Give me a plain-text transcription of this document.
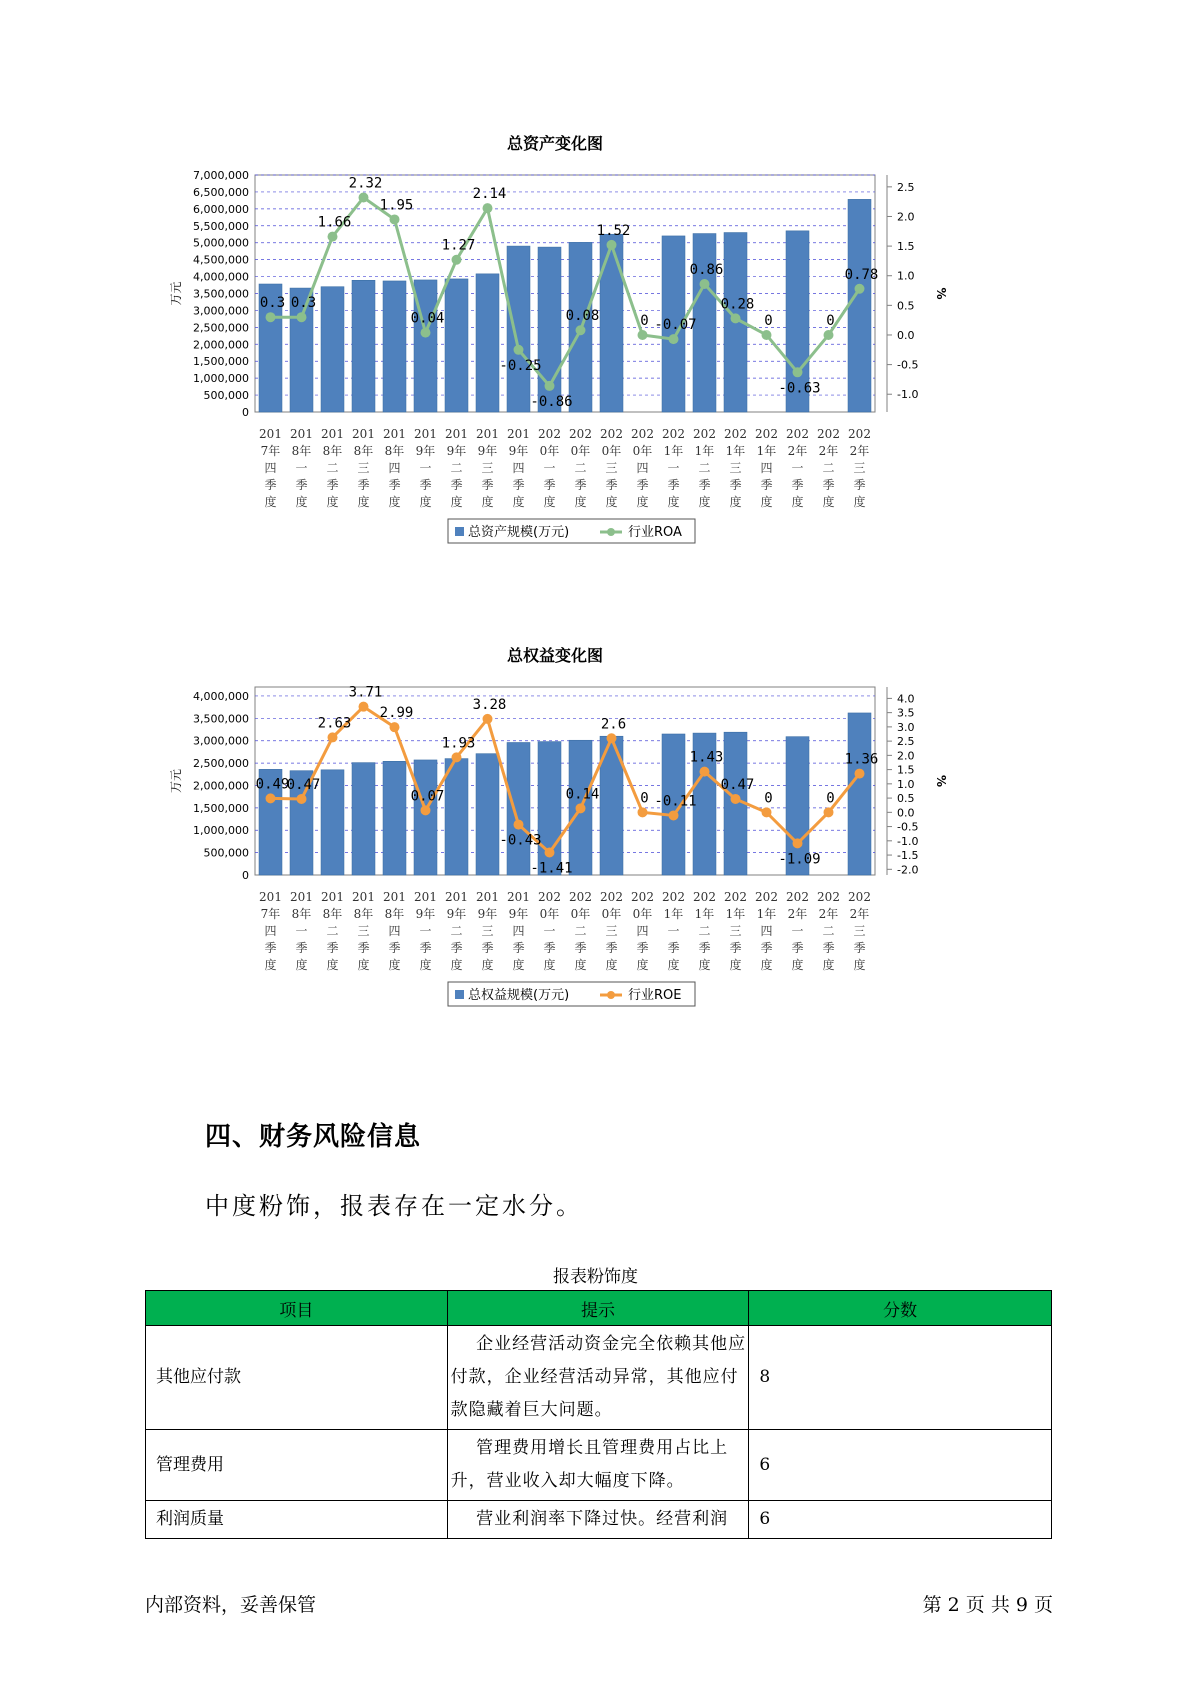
总资产变化图
7,000,000
6,500,000
6,000,000
5,500,000
5,000,000
4,500,000
4,000,000
3,500,000
3,000,000
2,500,000
2,000,000
1,500,000
1,000,000
500,000
0
万元
2.5
2.0
1.5
1.0
0.5
0.0
-0.5
-1.0
%
201
7年
四
季
度
201
8年
一
季
度
201
8年
二
季
度
201
8年
三
季
度
201
8年
四
季
度
201
9年
一
季
度
201
9年
二
季
度
201
9年
三
季
度
201
9年
四
季
度
202
0年
一
季
度
202
0年
二
季
度
202
0年
三
季
度
202
0年
四
季
度
202
1年
一
季
度
202
1年
二
季
度
202
1年
三
季
度
202
1年
四
季
度
202
2年
一
季
度
202
2年
二
季
度
202
2年
三
季
度
0.3 0.3
1.66
2.32
1.95
0.04
1.27
2.14
-0.25
-0.86
0.08
1.52
0 -0.07
0.86
0.28
0
-0.63
0
0.78
总资产规模(万元)	行业ROA
总权益变化图
4,000,000
3,500,000
3,000,000
2,500,000
2,000,000
1,500,000
1,000,000
500,000
0
万元
4.0
3.5
3.0
2.5
2.0
1.5
1.0
0.5
0.0
-0.5
-1.0
-1.5
-2.0
%
201
7年
四
季
度
201
8年
一
季
度
201
8年
二
季
度
201
8年
三
季
度
201
8年
四
季
度
201
9年
一
季
度
201
9年
二
季
度
201
9年
三
季
度
201
9年
四
季
度
202
0年
一
季
度
202
0年
二
季
度
202
0年
三
季
度
202
0年
四
季
度
202
1年
一
季
度
202
1年
二
季
度
202
1年
三
季
度
202
1年
四
季
度
202
2年
一
季
度
202
2年
二
季
度
202
2年
三
季
度
0.49
0.47
2.63
3.71
2.99
0.07
1.93
3.28
-0.43
-1.41
0.14
2.6
0 -0.11
1.43
0.47
0
-1.09
0
1.36
总权益规模(万元)	行业ROE
四、财务风险信息
中度粉饰，报表存在一定水分。
报表粉饰度
项目	提示	分数
其他应付款	企业经营活动资金完全依赖其他应付款，企业经营活动异常，其他应付款隐藏着巨大问题。	8
管理费用	管理费用增长且管理费用占比上升，营业收入却大幅度下降。	6
利润质量	营业利润率下降过快。经营利润	6
内部资料，妥善保管	第 2 页 共 9 页
